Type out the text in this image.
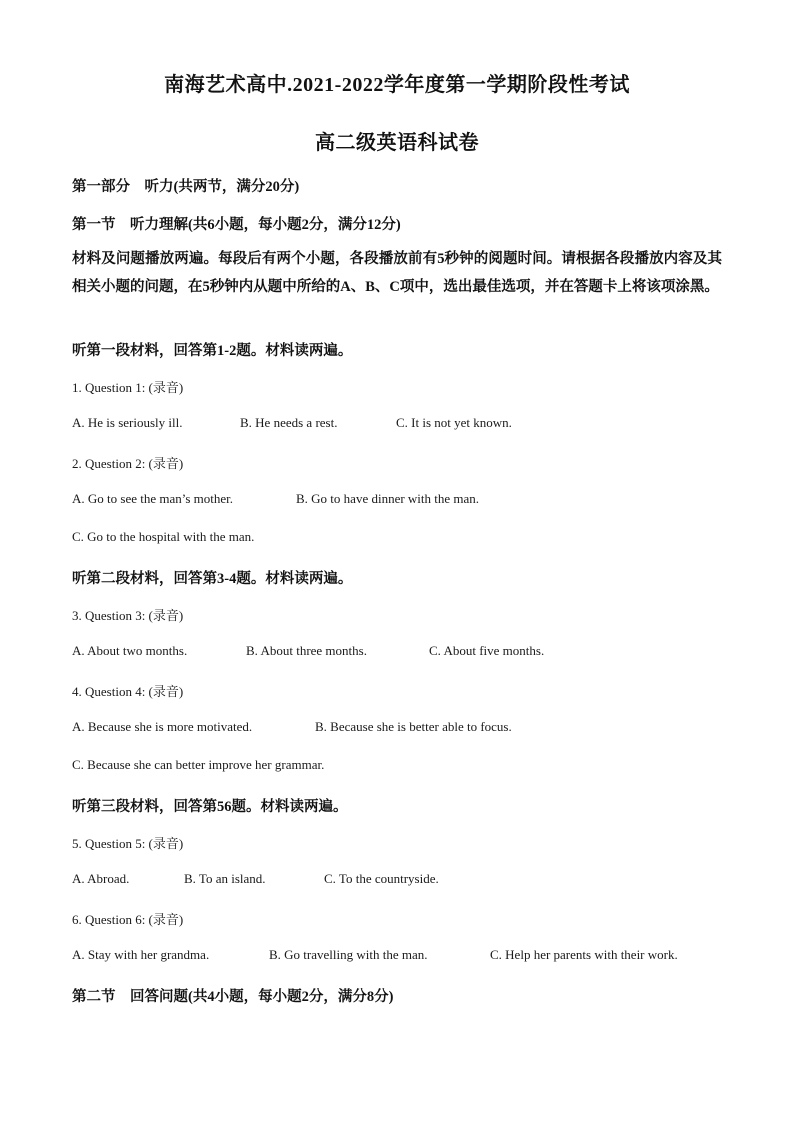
南海艺术高中.2021-2022学年度第一学期阶段性考试
高二级英语科试卷
第一部分　听力(共两节，满分20分)
第一节　听力理解(共6小题，每小题2分，满分12分)
材料及问题播放两遍。每段后有两个小题，各段播放前有5秒钟的阅题时间。请根据各段播放内容及其相关小题的问题，在5秒钟内从题中所给的A、B、C项中，选出最佳选项，并在答题卡上将该项涂黑。
听第一段材料，回答第1-2题。材料读两遍。
1. Question 1: (录音)
A. He is seriously ill.	B. He needs a rest.	C. It is not yet known.
2. Question 2: (录音)
A. Go to see the man’s mother.	B. Go to have dinner with the man.
C. Go to the hospital with the man.
听第二段材料，回答第3-4题。材料读两遍。
3. Question 3: (录音)
A. About two months.	B. About three months.	C. About five months.
4. Question 4: (录音)
A. Because she is more motivated.	B. Because she is better able to focus.
C. Because she can better improve her grammar.
听第三段材料，回答第56题。材料读两遍。
5. Question 5: (录音)
A. Abroad.	B. To an island.	C. To the countryside.
6. Question 6: (录音)
A. Stay with her grandma.	B. Go travelling with the man.	C. Help her parents with their work.
第二节　回答问题(共4小题，每小题2分，满分8分)
